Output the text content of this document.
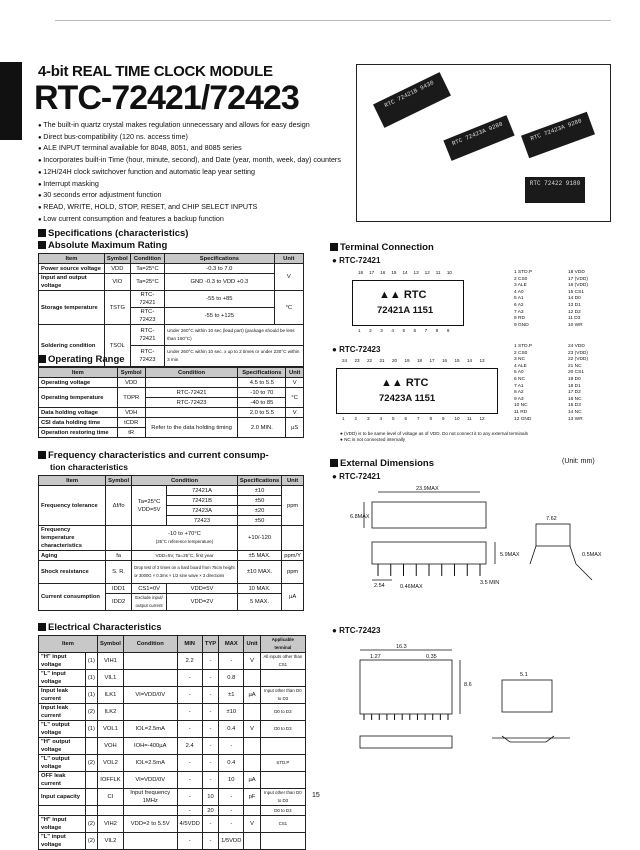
4-bit REAL TIME CLOCK MODULE
RTC-72421/72423
● The built-in quartz crystal makes regulation unnecessary and allows for easy design
● Direct bus-compatibility (120 ns. access time)
● ALE INPUT terminal available for 8048, 8051, and 8085 series
● Incorporates built-in Time (hour, minute, second), and Date (year, month, week, day) counters
● 12H/24H clock switchover function and automatic leap year setting
● Interrupt masking
● 30 seconds error adjustment function
● READ, WRITE, HOLD, STOP, RESET, and CHIP SELECT INPUTS
● Low current consumption and features a backup function
RTC 72421B 9430
RTC 72423A 9280	RTC 72423A 9280
RTC 72422 9180
Specifications (characteristics)
Absolute Maximum Rating
Item	Symbol	Condition	Specifications	Unit
Power source voltage	VDD	Ta=25°C	-0.3 to 7.0	V
Input and output voltage	VIO	Ta=25°C	GND -0.3 to VDD +0.3	
Storage temperature	TSTG	RTC-72421	-55 to +85	°C
		RTC-72423	-55 to +125	
Soldering condition	TSOL	RTC-72421	Under 260°C within 10 sec (lead part) (package should be less than 150°C)	
		RTC-72423	Under 260°C within 10 sec. x up to 2 times or under 230°C within 3 min	
Operating Range
Item	Symbol	Condition	Specifications	Unit
Operating voltage	VDD		4.5 to 5.5	V
Operating temperature	TOPR	RTC-72421	-10 to 70	°C
		RTC-72423	-40 to 85	
Data holding voltage	VDH		2.0 to 5.5	V
CSI data holding time	tCDR	Refer to the data holding timing	2.0 MIN.	µS
Operation restoring time	tR			
Frequency characteristics and current consump-
tion characteristics
Item	Symbol	Condition		Specifications	Unit
Frequency tolerance	Δf/fo	Ta=25°C VDD=5V	72421A	±10	ppm
			72421B	±50	
			72423A	±20	
			72423	±50	
Frequency temperature characteristics		-10 to +70°C
(25°C reference temperature)		+10/-120	
Aging	fa	VDD=5V, Ta=25°C, first year		±5 MAX.	ppm/Y
Shock resistance	S. R.	Drop test of 3 times on a hard board from 75cm height or 3000G × 0.3ms × 1/2 sine wave × 3 directions		±10 MAX.	ppm
Current consumption	IDD1	CS1=0V	VDD=5V	10 MAX.	µA
	IDD2	Exclude input/ output current	VDD=2V	5 MAX.	
Electrical Characteristics
Item		Symbol	Condition	MIN	TYP	MAX	Unit	Applicable terminal
"H" input voltage	(1)	VIH1		2.2	-	-	V	All inputs other than CS1
"L" input voltage	(1)	VIL1		-	-	0.8		
Input leak current	(1)	ILK1	VI=VDD/0V	-	-	±1	µA	Input other than D0 to D3
Input leak current	(2)	ILK2		-	-	±10		D0 to D3
"L" output voltage	(1)	VOL1	IOL=2.5mA	-	-	0.4	V	D0 to D3
"H" output voltage		VOH	IOH=-400µA	2.4	-	-		
"L" output voltage	(2)	VOL2	IOL=2.5mA	-	-	0.4		STD.P
OFF leak current		IOFFLK	VI=VDD/0V	-	-	10	µA	
Input capacity		CI	Input frequency 1MHz	-	10	-	pF	Input other than D0 to D3
				-	20	-		D0 to D3
"H" input voltage	(2)	VIH2	VDD=2 to 5.5V	4/5VDD	-	-	V	CS1
"L" input voltage	(2)	VIL2		-	-	1/5VDD		
Terminal Connection
● RTC-72421
18 17 16 15 14 13 12 11 10
▲▲ RTC
72421A 1151
1 2 3 4 5 6 7 8 9
1 STD.P
2 CS0
3 ALE
4 A0
5 A1
6 A2
7 A3
8 RD
9 GND
18 VDD
17 (VDD)
16 (VDD)
15 CS1
14 D0
13 D1
12 D2
11 D3
10 WR
● RTC-72423
24 23 22 21 20 19 18 17 16 15 14 13
▲▲ RTC
72423A 1151
1 2 3 4 5 6 7 8 9 10 11 12
1 STD.P
2 CS0
3 NC
4 ALE
5 A0
6 NC
7 A1
8 A2
9 A3
10 NC
11 RD
12 GND
24 VDD
23 (VDD)
22 (VDD)
21 NC
20 CS1
19 D0
18 D1
17 D2
16 NC
15 D3
14 NC
13 WR
● (VDD) is to be same level of voltage as of VDD. Do not connect it to any external terminals
● NC is not connected internally
External Dimensions	(Unit: mm)
● RTC-72421
23.9MAX
6.8MAX
5.9MAX
2.54	0.46MAX
3.5 MIN
7.62
0.5MAX
● RTC-72423
16.3
1.27	0.35
8.6
5.1
15
